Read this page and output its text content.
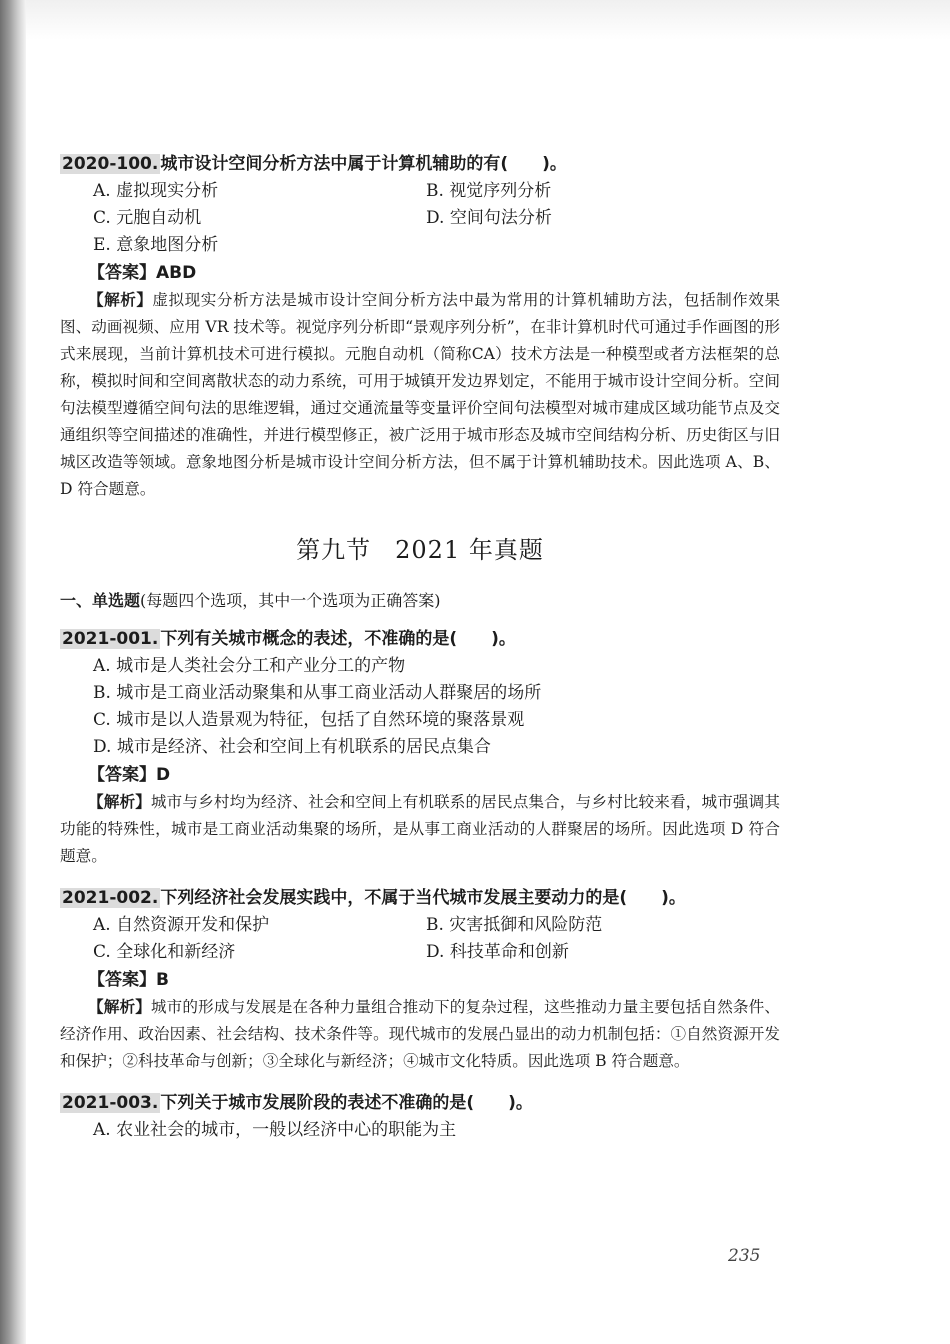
2020-100. 城市设计空间分析方法中属于计算机辅助的有(　　)。
A. 虚拟现实分析	B. 视觉序列分析
C. 元胞自动机	D. 空间句法分析
E. 意象地图分析
【答案】ABD

【解析】虚拟现实分析方法是城市设计空间分析方法中最为常用的计算机辅助方法，包括制作效果图、动画视频、应用 VR 技术等。视觉序列分析即“景观序列分析”，在非计算机时代可通过手作画图的形式来展现，当前计算机技术可进行模拟。元胞自动机（简称CA）技术方法是一种模型或者方法框架的总称，模拟时间和空间离散状态的动力系统，可用于城镇开发边界划定，不能用于城市设计空间分析。空间句法模型遵循空间句法的思维逻辑，通过交通流量等变量评价空间句法模型对城市建成区域功能节点及交通组织等空间描述的准确性，并进行模型修正，被广泛用于城市形态及城市空间结构分析、历史街区与旧城区改造等领域。意象地图分析是城市设计空间分析方法，但不属于计算机辅助技术。因此选项 A、B、D 符合题意。

第九节 2021 年真题
一、单选题(每题四个选项，其中一个选项为正确答案)
2021-001. 下列有关城市概念的表述，不准确的是(　　)。
A. 城市是人类社会分工和产业分工的产物
B. 城市是工商业活动聚集和从事工商业活动人群聚居的场所
C. 城市是以人造景观为特征，包括了自然环境的聚落景观
D. 城市是经济、社会和空间上有机联系的居民点集合
【答案】D

【解析】城市与乡村均为经济、社会和空间上有机联系的居民点集合，与乡村比较来看，城市强调其功能的特殊性，城市是工商业活动集聚的场所，是从事工商业活动的人群聚居的场所。因此选项 D 符合题意。

2021-002. 下列经济社会发展实践中，不属于当代城市发展主要动力的是(　　)。
A. 自然资源开发和保护	B. 灾害抵御和风险防范
C. 全球化和新经济	D. 科技革命和创新
【答案】B

【解析】城市的形成与发展是在各种力量组合推动下的复杂过程，这些推动力量主要包括自然条件、经济作用、政治因素、社会结构、技术条件等。现代城市的发展凸显出的动力机制包括：①自然资源开发和保护；②科技革命与创新；③全球化与新经济；④城市文化特质。因此选项 B 符合题意。

2021-003. 下列关于城市发展阶段的表述不准确的是(　　)。
A. 农业社会的城市，一般以经济中心的职能为主
235
